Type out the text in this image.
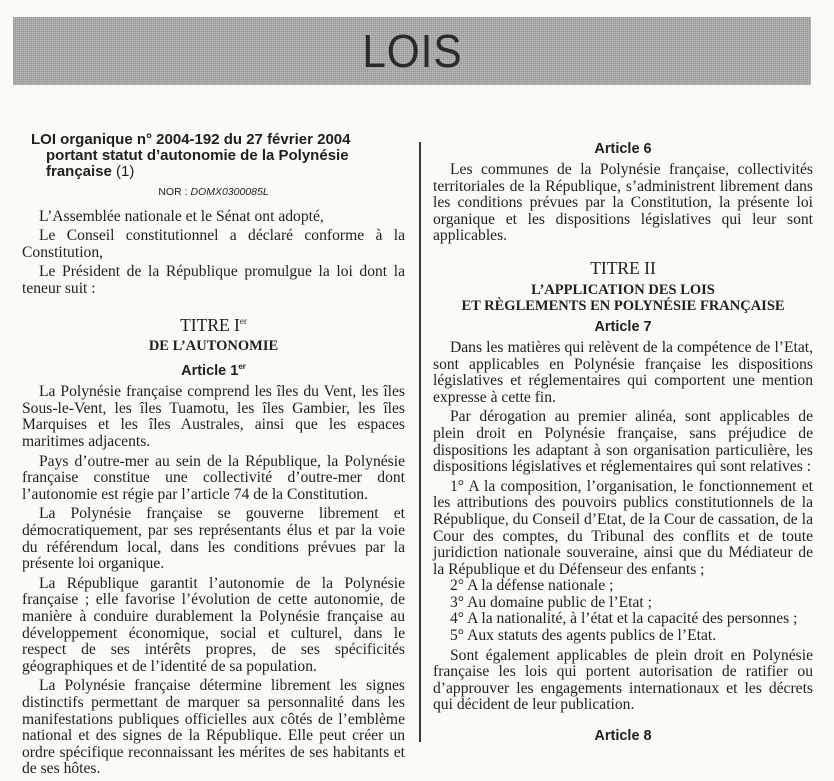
LOIS
LOI organique n° 2004-192 du 27 février 2004 portant statut d’autonomie de la Polynésie française (1)
NOR : DOMX0300085L

L’Assemblée nationale et le Sénat ont adopté,

Le Conseil constitutionnel a déclaré conforme à la Constitution,

Le Président de la République promulgue la loi dont la teneur suit :

TITRE Ier
DE L’AUTONOMIE
Article 1er

La Polynésie française comprend les îles du Vent, les îles Sous-le-Vent, les îles Tuamotu, les îles Gambier, les îles Marquises et les îles Australes, ainsi que les espaces maritimes adjacents.

Pays d’outre-mer au sein de la République, la Polynésie française constitue une collectivité d’outre-mer dont l’autonomie est régie par l’article 74 de la Constitution.

La Polynésie française se gouverne librement et démocratiquement, par ses représentants élus et par la voie du référendum local, dans les conditions prévues par la présente loi organique.

La République garantit l’autonomie de la Polynésie française ; elle favorise l’évolution de cette autonomie, de manière à conduire durablement la Polynésie française au développement économique, social et culturel, dans le respect de ses intérêts propres, de ses spécificités géographiques et de l’identité de sa population.

La Polynésie française détermine librement les signes distinctifs permettant de marquer sa personnalité dans les manifestations publiques officielles aux côtés de l’emblème national et des signes de la République. Elle peut créer un ordre spécifique reconnaissant les mérites de ses habitants et de ses hôtes.

Article 6

Les communes de la Polynésie française, collectivités territoriales de la République, s’administrent librement dans les conditions prévues par la Constitution, la présente loi organique et les dispositions législatives qui leur sont applicables.

TITRE II
L’APPLICATION DES LOIS
ET RÈGLEMENTS EN POLYNÉSIE FRANÇAISE
Article 7

Dans les matières qui relèvent de la compétence de l’Etat, sont applicables en Polynésie française les dispositions législatives et réglementaires qui comportent une mention expresse à cette fin.

Par dérogation au premier alinéa, sont applicables de plein droit en Polynésie française, sans préjudice de dispositions les adaptant à son organisation particulière, les dispositions législatives et réglementaires qui sont relatives :

1° A la composition, l’organisation, le fonctionnement et les attributions des pouvoirs publics constitutionnels de la République, du Conseil d’Etat, de la Cour de cassation, de la Cour des comptes, du Tribunal des conflits et de toute juridiction nationale souveraine, ainsi que du Médiateur de la République et du Défenseur des enfants ;

2° A la défense nationale ;

3° Au domaine public de l’Etat ;

4° A la nationalité, à l’état et la capacité des personnes ;

5° Aux statuts des agents publics de l’Etat.

Sont également applicables de plein droit en Polynésie française les lois qui portent autorisation de ratifier ou d’approuver les engagements internationaux et les décrets qui décident de leur publication.

Article 8
